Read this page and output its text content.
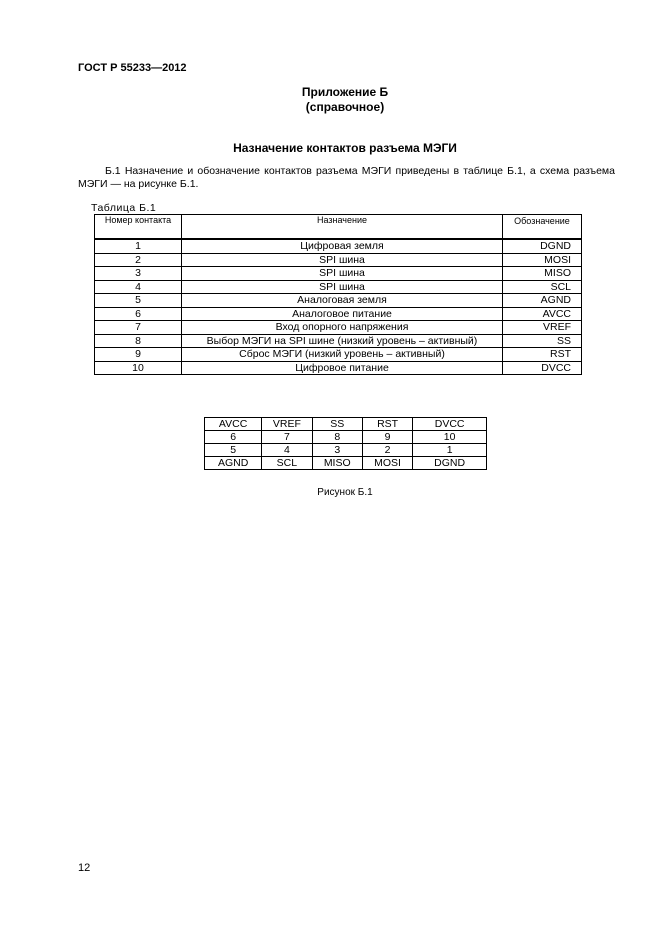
ГОСТ Р 55233—2012
Приложение Б
(справочное)
Назначение контактов разъема МЭГИ
Б.1 Назначение и обозначение контактов разъема МЭГИ приведены в таблице Б.1, а схема разъема МЭГИ — на рисунке Б.1.
Таблица Б.1
Номер контакта	Назначение	Обозначение
1	Цифровая земля	DGND
2	SPI шина	MOSI
3	SPI шина	MISO
4	SPI шина	SCL
5	Аналоговая земля	AGND
6	Аналоговое питание	AVCC
7	Вход опорного напряжения	VREF
8	Выбор МЭГИ на SPI шине (низкий уровень – активный)	SS
9	Сброс МЭГИ (низкий уровень – активный)	RST
10	Цифровое питание	DVCC
AVCC	VREF	SS	RST	DVCC
6	7	8	9	10
5	4	3	2	1
AGND	SCL	MISO	MOSI	DGND
Рисунок Б.1
12
